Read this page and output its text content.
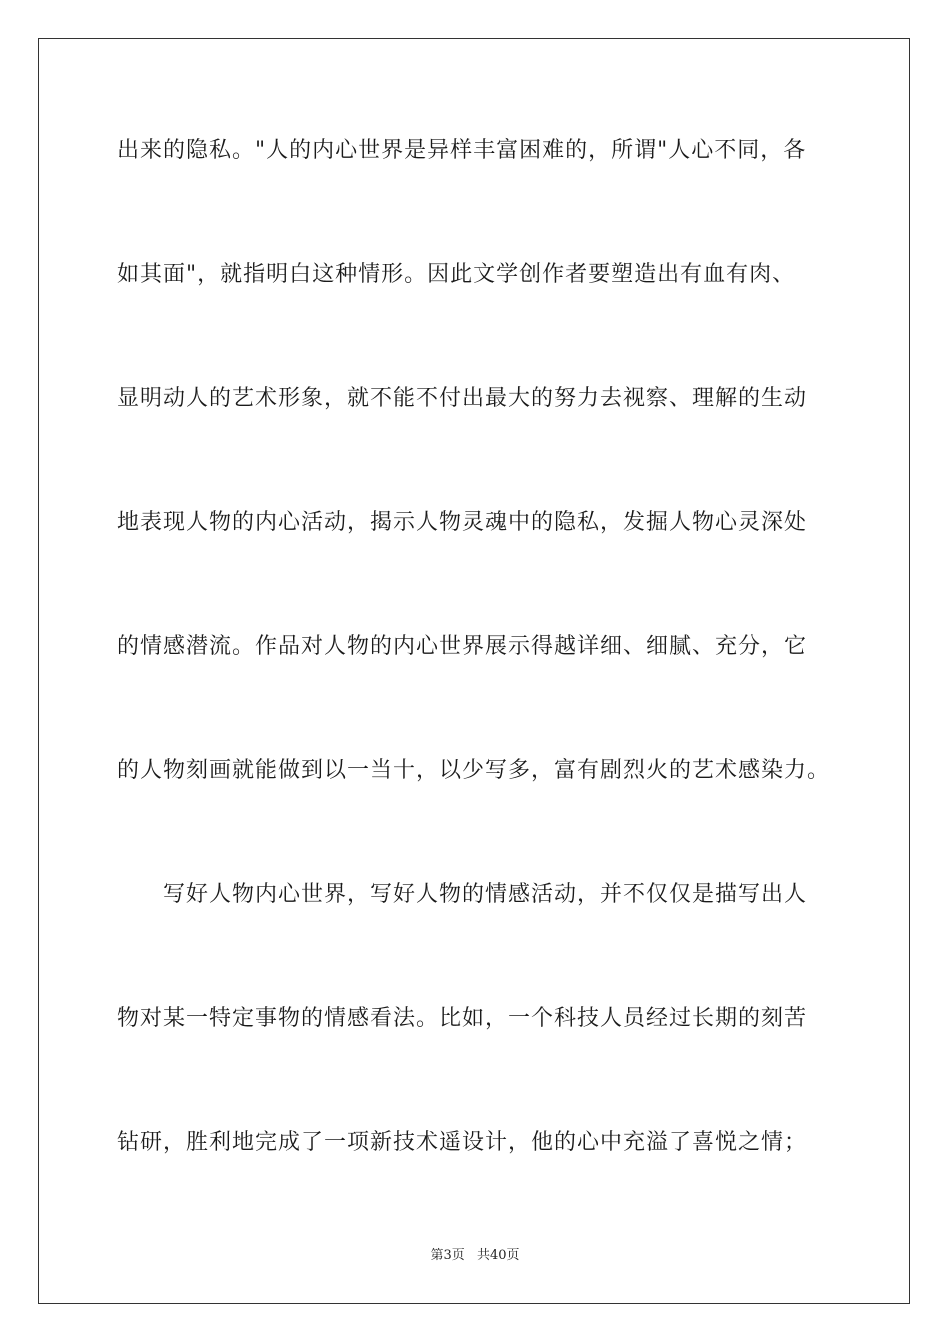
出来的隐私。"人的内心世界是异样丰富困难的，所谓"人心不同，各
如其面"，就指明白这种情形。因此文学创作者要塑造出有血有肉、
显明动人的艺术形象，就不能不付出最大的努力去视察、理解的生动
地表现人物的内心活动，揭示人物灵魂中的隐私，发掘人物心灵深处
的情感潜流。作品对人物的内心世界展示得越详细、细腻、充分，它
的人物刻画就能做到以一当十，以少写多，富有剧烈火的艺术感染力。
写好人物内心世界，写好人物的情感活动，并不仅仅是描写出人
物对某一特定事物的情感看法。比如，一个科技人员经过长期的刻苦
钻研，胜利地完成了一项新技术遥设计，他的心中充溢了喜悦之情；
第3页 共40页
